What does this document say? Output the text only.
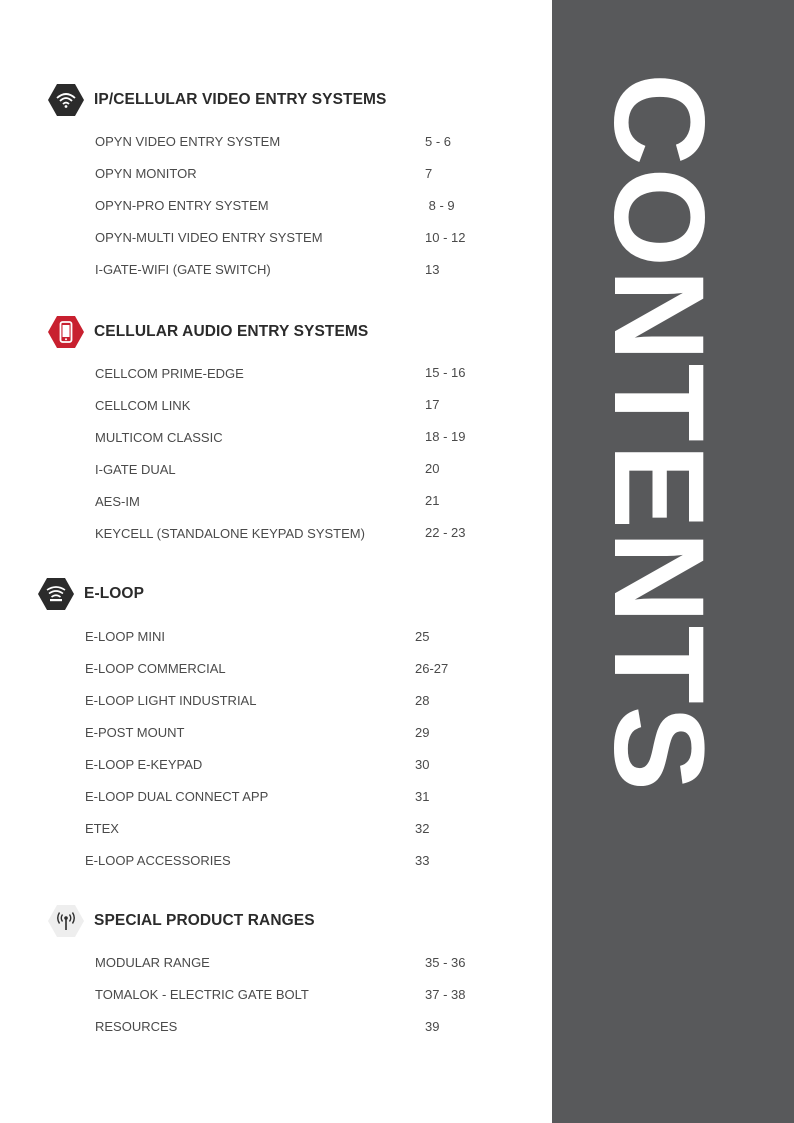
CONTENTS
IP/CELLULAR VIDEO ENTRY SYSTEMS
OPYN VIDEO ENTRY SYSTEM	5 - 6
OPYN MONITOR	7
OPYN-PRO ENTRY SYSTEM	8 - 9
OPYN-MULTI VIDEO ENTRY SYSTEM	10 - 12
I-GATE-WIFI (GATE SWITCH)	13
CELLULAR AUDIO ENTRY SYSTEMS
CELLCOM PRIME-EDGE	15 - 16
CELLCOM LINK	17
MULTICOM CLASSIC	18 - 19
I-GATE DUAL	20
AES-IM	21
KEYCELL (STANDALONE KEYPAD SYSTEM)	22 - 23
E-LOOP
E-LOOP MINI	25
E-LOOP COMMERCIAL	26-27
E-LOOP LIGHT INDUSTRIAL	28
E-POST MOUNT	29
E-LOOP E-KEYPAD	30
E-LOOP DUAL CONNECT APP	31
ETEX	32
E-LOOP ACCESSORIES	33
SPECIAL PRODUCT RANGES
MODULAR RANGE	35 - 36
TOMALOK - ELECTRIC GATE BOLT	37 - 38
RESOURCES	39
